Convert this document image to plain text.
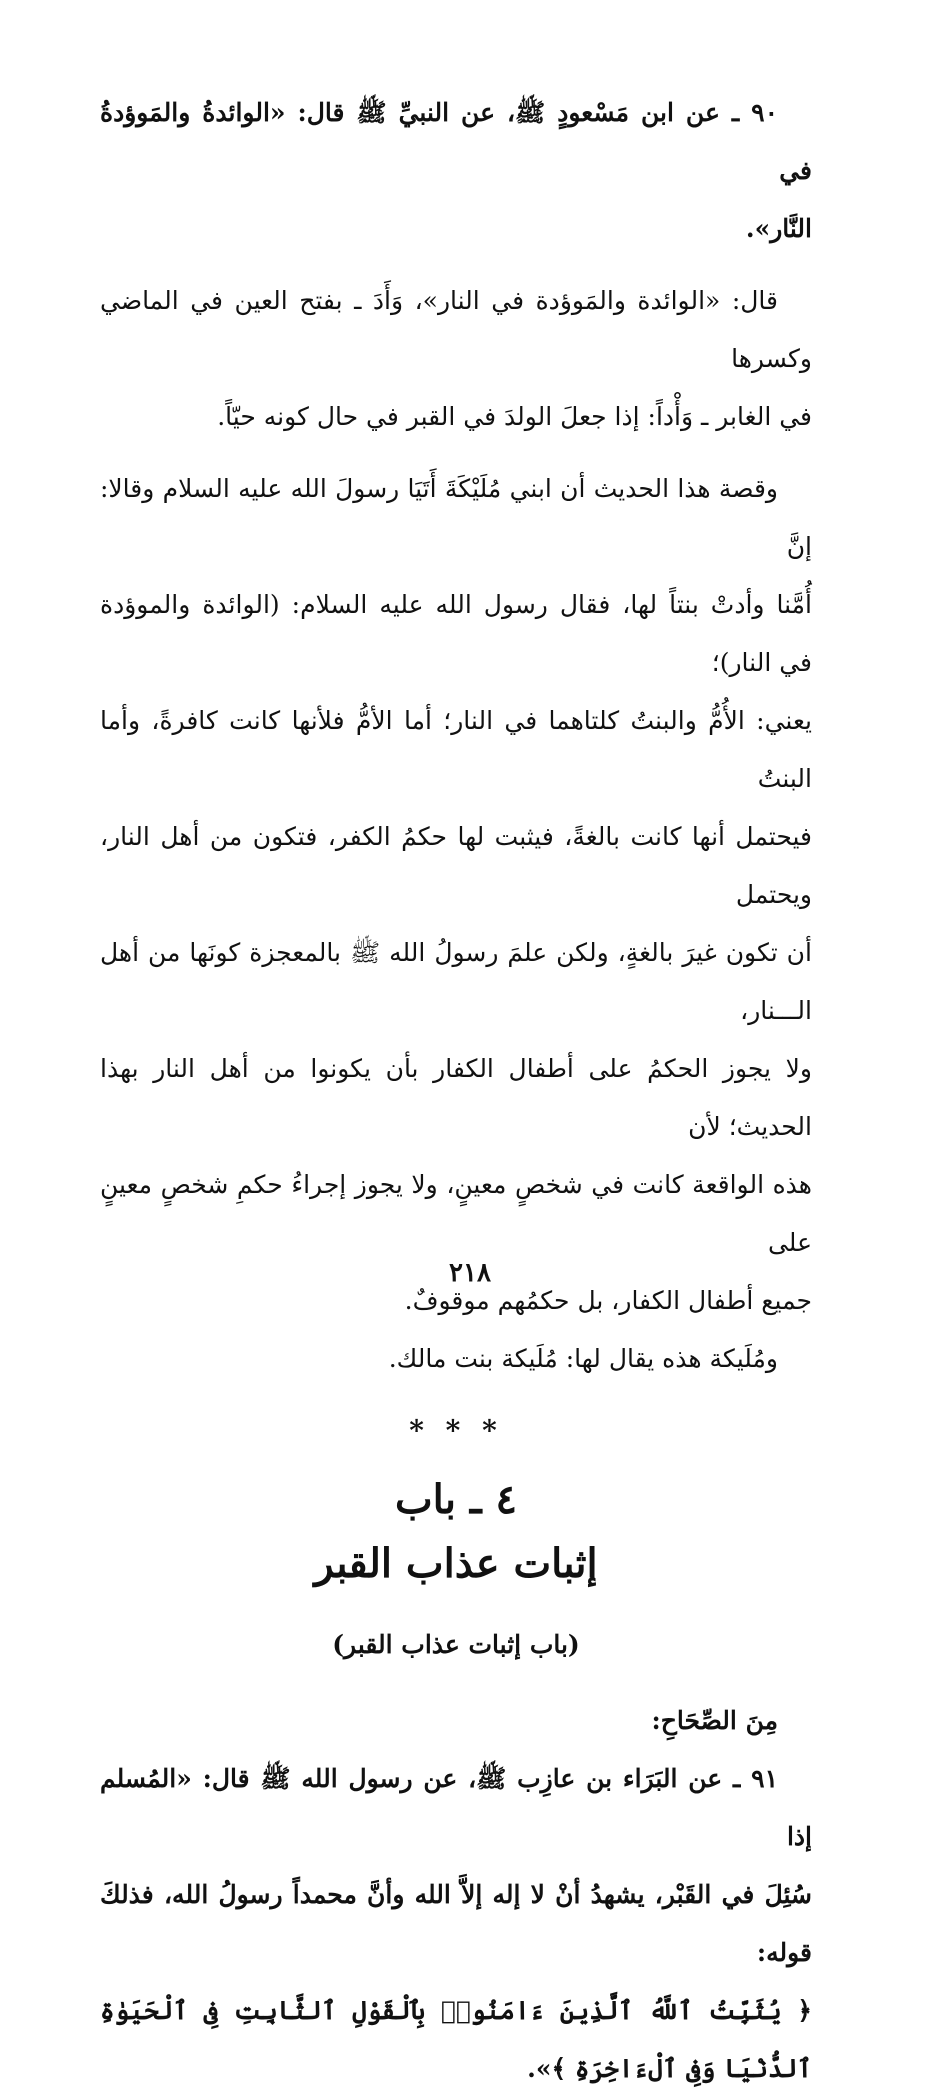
٩٠ ـ عن ابن مَسْعودٍ ﷺ، عن النبيِّ ﷺ قال: «الوائدةُ والمَوؤدةُ في
النَّار».
قال: «الوائدة والمَوؤدة في النار»، وَأَدَ ـ بفتح العين في الماضي وكسرها
في الغابر ـ وَأْداً: إذا جعلَ الولدَ في القبر في حال كونه حيّاً.
وقصة هذا الحديث أن ابني مُلَيْكَةَ أَتَيَا رسولَ الله عليه السلام وقالا: إنَّ
أُمَّنا وأدتْ بنتاً لها، فقال رسول الله عليه السلام: (الوائدة والموؤدة في النار)؛
يعني: الأُمُّ والبنتُ كلتاهما في النار؛ أما الأمُّ فلأنها كانت كافرةً، وأما البنتُ
فيحتمل أنها كانت بالغةً، فيثبت لها حكمُ الكفر، فتكون من أهل النار، ويحتمل
أن تكون غيرَ بالغةٍ، ولكن علمَ رسولُ الله ﷺ بالمعجزة كونَها من أهل الـــنار،
ولا يجوز الحكمُ على أطفال الكفار بأن يكونوا من أهل النار بهذا الحديث؛ لأن
هذه الواقعة كانت في شخصٍ معينٍ، ولا يجوز إجراءُ حكمِ شخصٍ معينٍ على
جميع أطفال الكفار، بل حكمُهم موقوفٌ.
ومُلَيكة هذه يقال لها: مُلَيكة بنت مالك.
* * *
٤ ـ باب
إثبات عذاب القبر
(باب إثبات عذاب القبر)
مِنَ الصِّحَاحِ:
٩١ ـ عن البَرَاء بن عازِب ﷺ، عن رسول الله ﷺ قال: «المُسلم إذا
سُئِلَ في القَبْر، يشهدُ أنْ لا إله إلاَّ الله وأنَّ محمداً رسولُ الله، فذلكَ قوله:
﴿ يُثَبِّتُ ٱللَّهُ ٱلَّذِينَ ءَامَنُوا۟ بِٱلْقَوْلِ ٱلثَّابِتِ فِى ٱلْحَيَوٰةِ ٱلدُّنْيَا وَفِى ٱلْءَاخِرَةِ ﴾».
٢١٨
